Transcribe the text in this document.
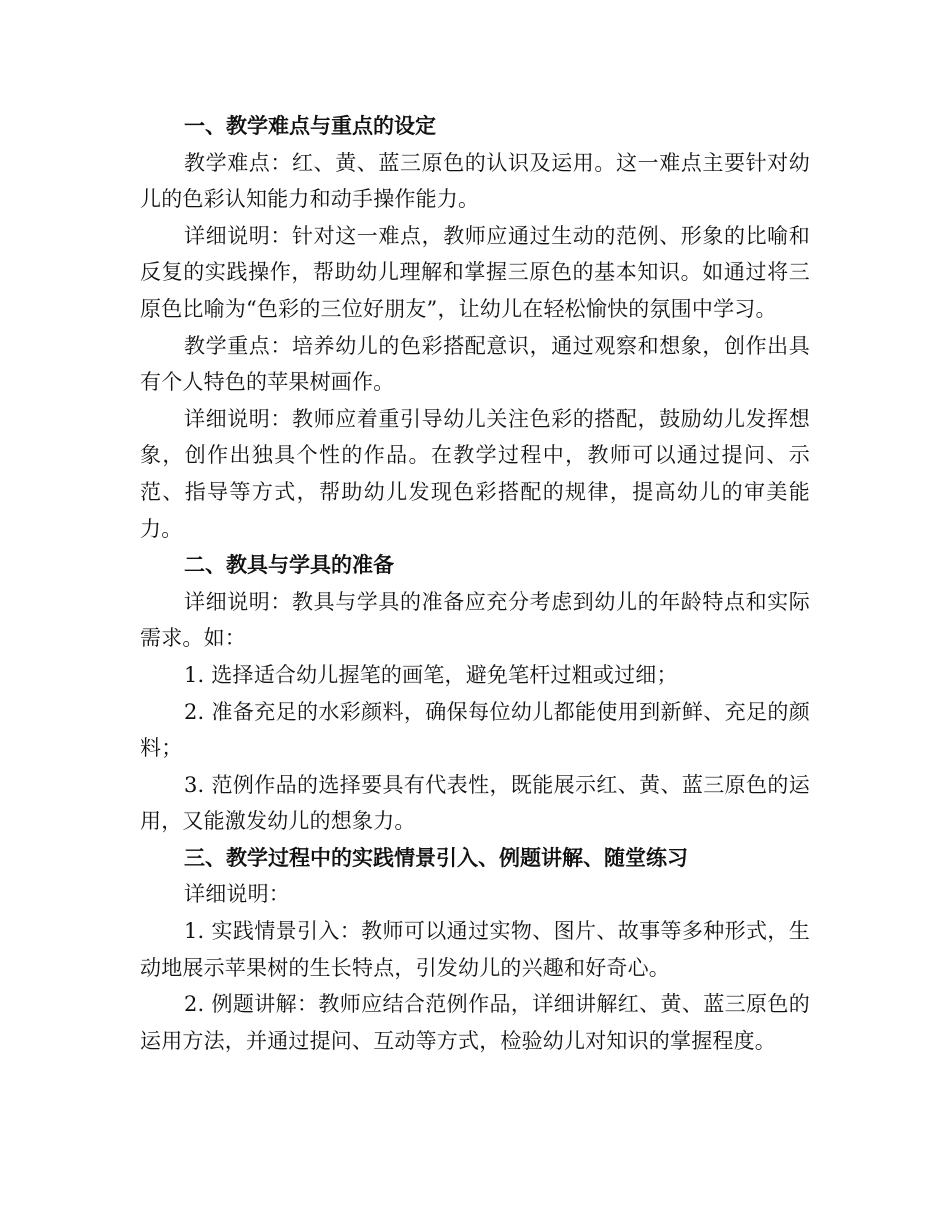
一、教学难点与重点的设定

教学难点：红、黄、蓝三原色的认识及运用。这一难点主要针对幼儿的色彩认知能力和动手操作能力。

详细说明：针对这一难点，教师应通过生动的范例、形象的比喻和反复的实践操作，帮助幼儿理解和掌握三原色的基本知识。如通过将三原色比喻为“色彩的三位好朋友”，让幼儿在轻松愉快的氛围中学习。

教学重点：培养幼儿的色彩搭配意识，通过观察和想象，创作出具有个人特色的苹果树画作。

详细说明：教师应着重引导幼儿关注色彩的搭配，鼓励幼儿发挥想象，创作出独具个性的作品。在教学过程中，教师可以通过提问、示范、指导等方式，帮助幼儿发现色彩搭配的规律，提高幼儿的审美能力。

二、教具与学具的准备

详细说明：教具与学具的准备应充分考虑到幼儿的年龄特点和实际需求。如：

1. 选择适合幼儿握笔的画笔，避免笔杆过粗或过细；

2. 准备充足的水彩颜料，确保每位幼儿都能使用到新鲜、充足的颜料；

3. 范例作品的选择要具有代表性，既能展示红、黄、蓝三原色的运用，又能激发幼儿的想象力。

三、教学过程中的实践情景引入、例题讲解、随堂练习

详细说明：

1. 实践情景引入：教师可以通过实物、图片、故事等多种形式，生动地展示苹果树的生长特点，引发幼儿的兴趣和好奇心。

2. 例题讲解：教师应结合范例作品，详细讲解红、黄、蓝三原色的运用方法，并通过提问、互动等方式，检验幼儿对知识的掌握程度。
